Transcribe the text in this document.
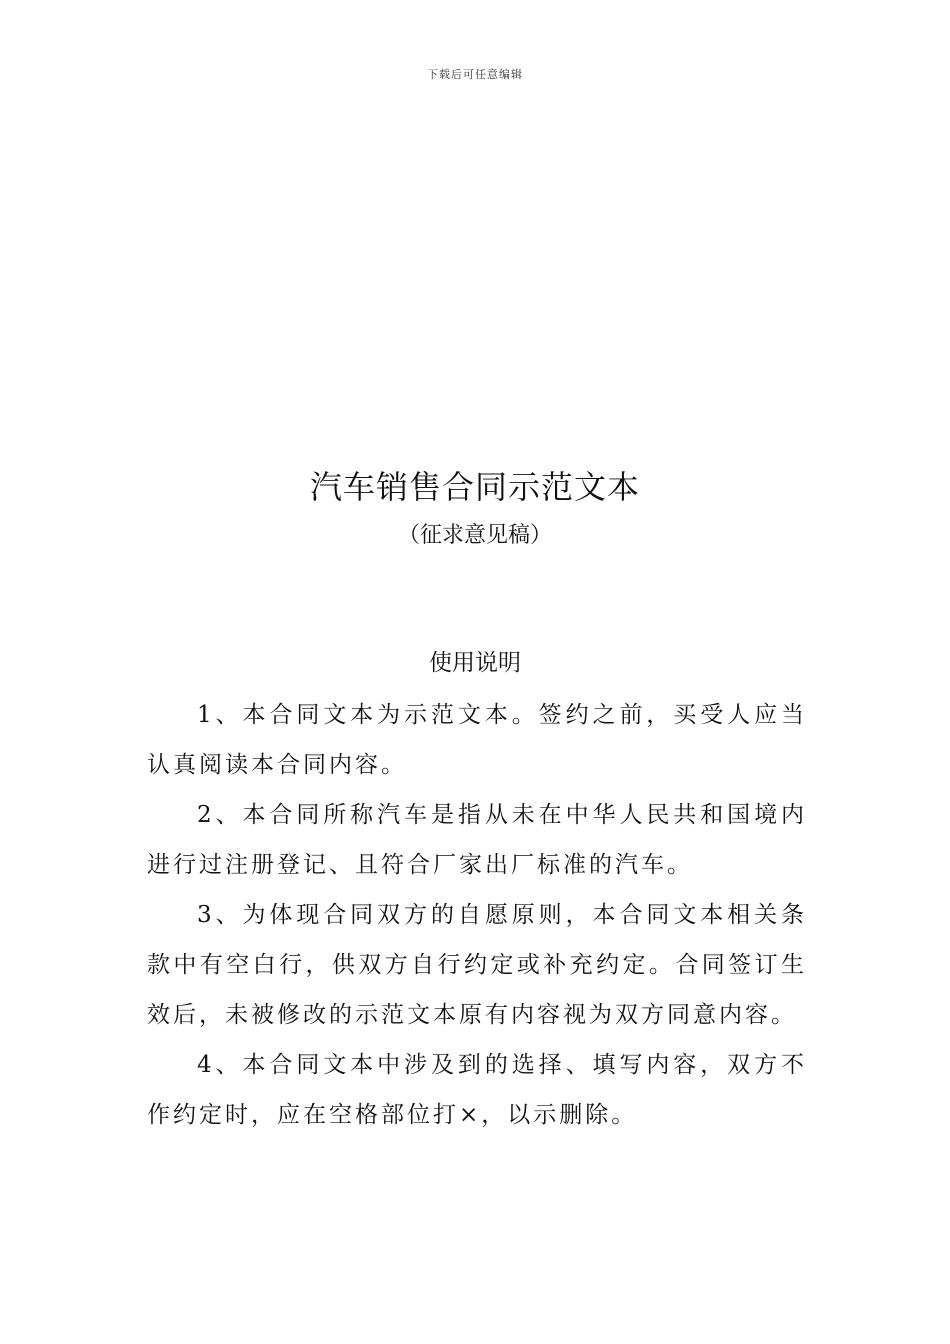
下载后可任意编辑
汽车销售合同示范文本
（征求意见稿）
使用说明

1、本合同文本为示范文本。签约之前，买受人应当认真阅读本合同内容。

2、本合同所称汽车是指从未在中华人民共和国境内进行过注册登记、且符合厂家出厂标准的汽车。

3、为体现合同双方的自愿原则，本合同文本相关条款中有空白行，供双方自行约定或补充约定。合同签订生效后，未被修改的示范文本原有内容视为双方同意内容。

4、本合同文本中涉及到的选择、填写内容，双方不作约定时，应在空格部位打×，以示删除。
